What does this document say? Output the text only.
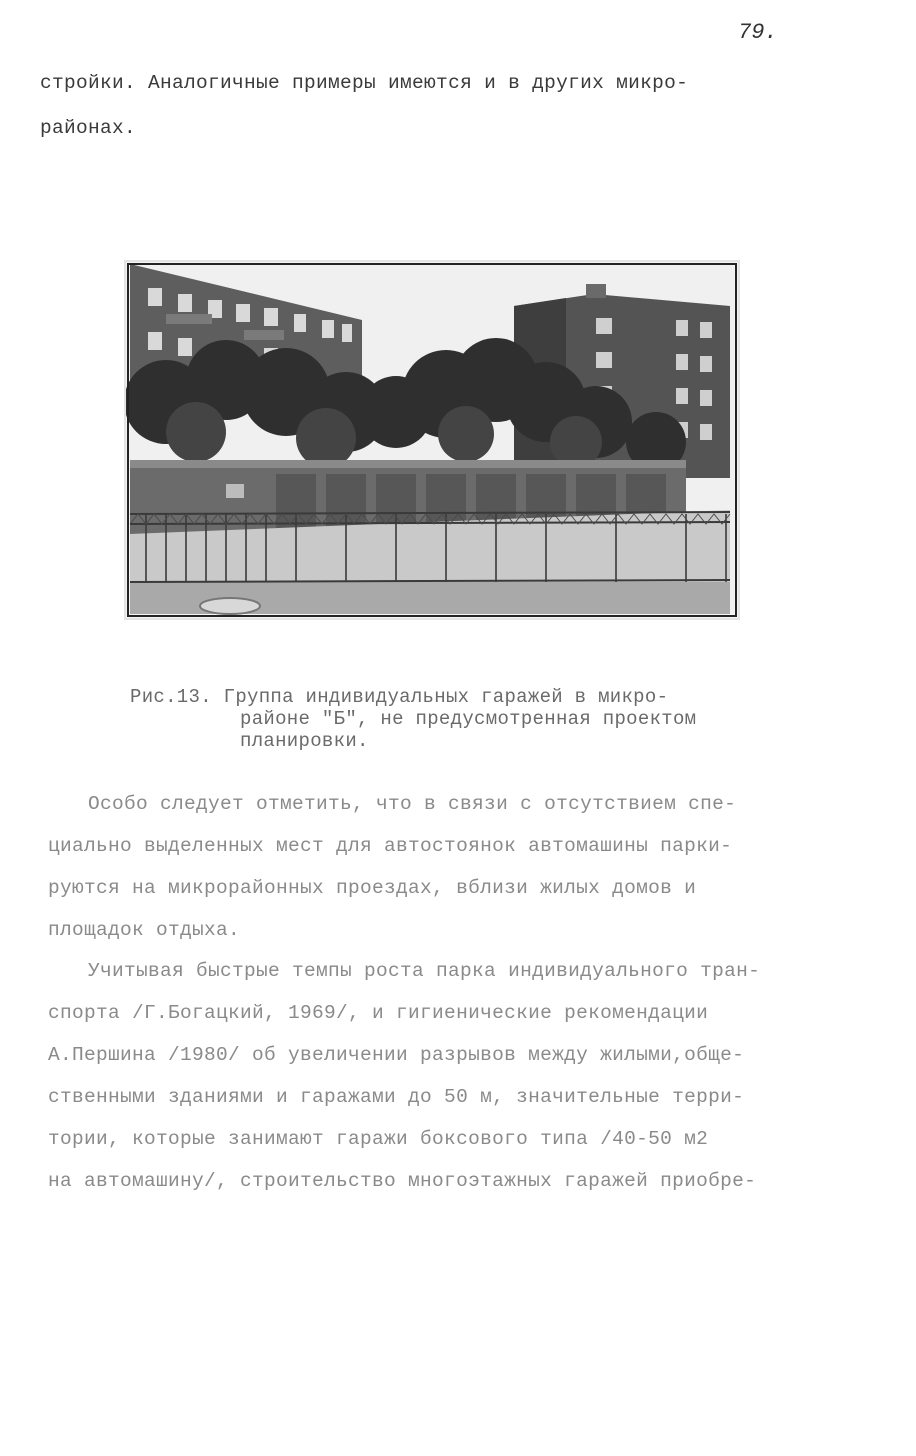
79.
стройки. Аналогичные примеры имеются и в других микро-
районах.
Рис.13. Группа индивидуальных гаражей в микро-
районе "Б", не предусмотренная проектом
планировки.
Особо следует отметить, что в связи с отсутствием спе-
циально выделенных мест для автостоянок автомашины парки-
руются на микрорайонных проездах, вблизи жилых домов и
площадок отдыха.
Учитывая быстрые темпы роста парка индивидуального тран-
спорта /Г.Богацкий, 1969/, и гигиенические рекомендации
А.Першина /1980/ об увеличении разрывов между жилыми,обще-
ственными зданиями и гаражами до 50 м, значительные терри-
тории, которые занимают гаражи боксового типа /40-50 м2
на автомашину/, строительство многоэтажных гаражей приобре-
